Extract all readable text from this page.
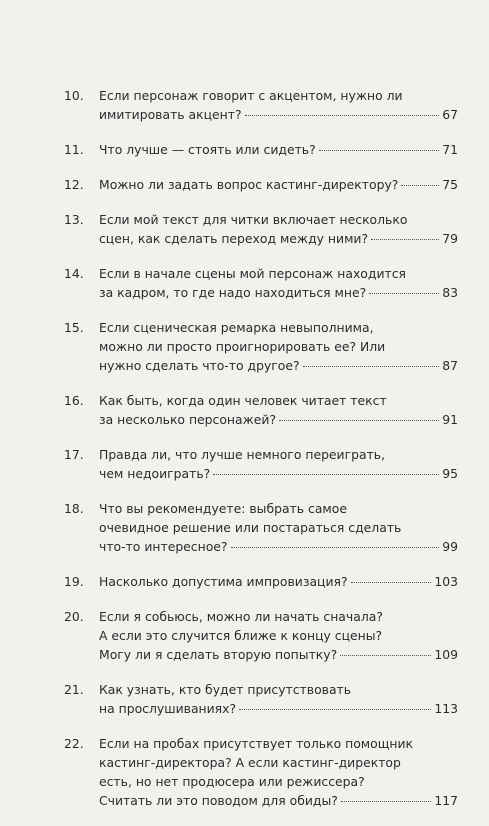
10.	Если персонаж говорит с акцентом, нужно ли
имитировать акцент?	67
11.	Что лучше — стоять или сидеть?	71
12.	Можно ли задать вопрос кастинг-директору?	75
13.	Если мой текст для читки включает несколько
сцен, как сделать переход между ними?	79
14.	Если в начале сцены мой персонаж находится
за кадром, то где надо находиться мне?	83
15.	Если сценическая ремарка невыполнима,
можно ли просто проигнорировать ее? Или
нужно сделать что-то другое?	87
16.	Как быть, когда один человек читает текст
за несколько персонажей?	91
17.	Правда ли, что лучше немного переиграть,
чем недоиграть?	95
18.	Что вы рекомендуете: выбрать самое
очевидное решение или постараться сделать
что-то интересное?	99
19.	Насколько допустима импровизация?	103
20.	Если я собьюсь, можно ли начать сначала?
А если это случится ближе к концу сцены?
Могу ли я сделать вторую попытку?	109
21.	Как узнать, кто будет присутствовать
на прослушиваниях?	113
22.	Если на пробах присутствует только помощник
кастинг-директора? А если кастинг-директор
есть, но нет продюсера или режиссера?
Считать ли это поводом для обиды?	117
